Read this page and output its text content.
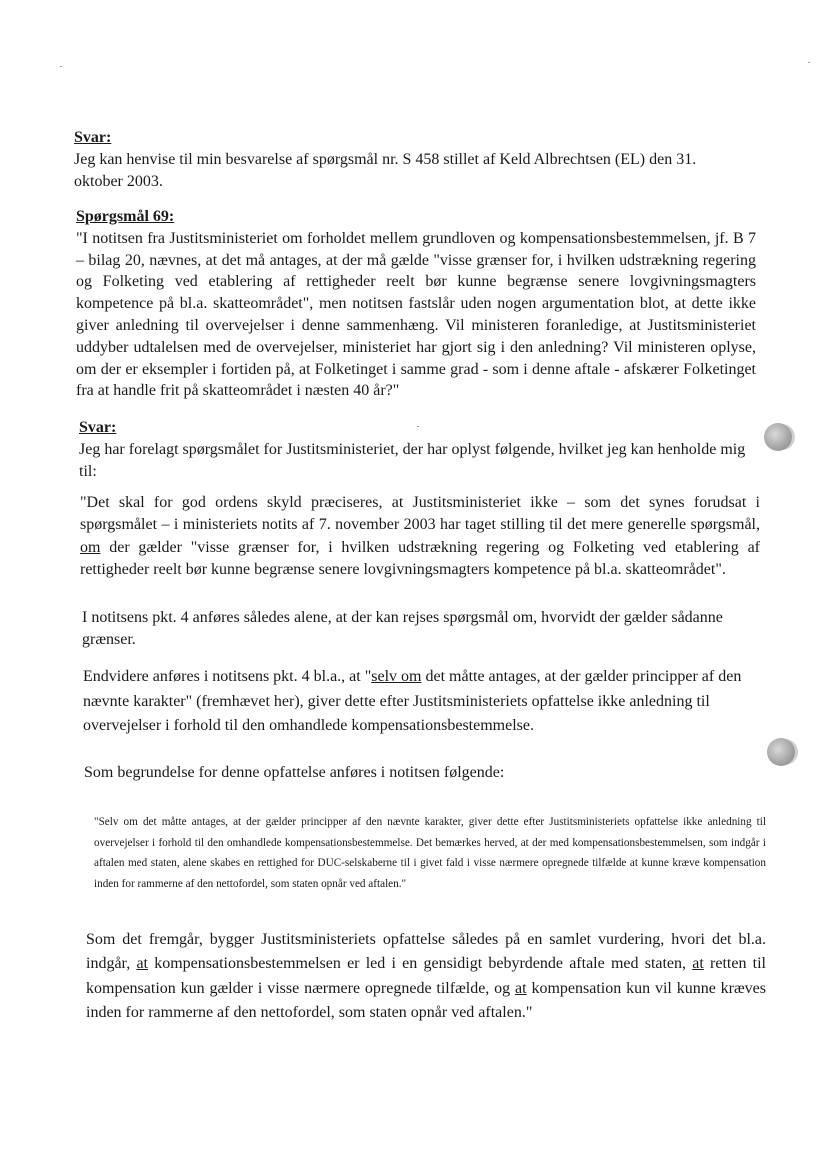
Svar:
Jeg kan henvise til min besvarelse af spørgsmål nr. S 458 stillet af Keld Albrechtsen (EL) den 31.
oktober 2003.
Spørgsmål 69:
"I notitsen fra Justitsministeriet om forholdet mellem grundloven og kompensationsbestemmelsen, jf. B 7 – bilag 20, nævnes, at det må antages, at der må gælde "visse grænser for, i hvilken udstrækning regering og Folketing ved etablering af rettigheder reelt bør kunne begrænse senere lovgivningsmagters kompetence på bl.a. skatteområdet", men notitsen fastslår uden nogen argumentation blot, at dette ikke giver anledning til overvejelser i denne sammenhæng. Vil ministeren foranledige, at Justitsministeriet uddyber udtalelsen med de overvejelser, ministeriet har gjort sig i den anledning? Vil ministeren oplyse, om der er eksempler i fortiden på, at Folketinget i samme grad - som i denne aftale - afskærer Folketinget fra at handle frit på skatteområdet i næsten 40 år?"
Svar:
Jeg har forelagt spørgsmålet for Justitsministeriet, der har oplyst følgende, hvilket jeg kan henholde mig til:
"Det skal for god ordens skyld præciseres, at Justitsministeriet ikke – som det synes forudsat i spørgsmålet – i ministeriets notits af 7. november 2003 har taget stilling til det mere generelle spørgsmål, om der gælder "visse grænser for, i hvilken udstrækning regering og Folketing ved etablering af rettigheder reelt bør kunne begrænse senere lovgivningsmagters kompetence på bl.a. skatteområdet".
I notitsens pkt. 4 anføres således alene, at der kan rejses spørgsmål om, hvorvidt der gælder sådanne grænser.
Endvidere anføres i notitsens pkt. 4 bl.a., at "selv om det måtte antages, at der gælder principper af den nævnte karakter" (fremhævet her), giver dette efter Justitsministeriets opfattelse ikke anledning til overvejelser i forhold til den omhandlede kompensationsbestemmelse.
Som begrundelse for denne opfattelse anføres i notitsen følgende:
"Selv om det måtte antages, at der gælder principper af den nævnte karakter, giver dette efter Justitsministeriets opfattelse ikke anledning til overvejelser i forhold til den omhandlede kompensationsbestemmelse. Det bemærkes herved, at der med kompensationsbestemmelsen, som indgår i aftalen med staten, alene skabes en rettighed for DUC-selskaberne til i givet fald i visse nærmere opregnede tilfælde at kunne kræve kompensation inden for rammerne af den nettofordel, som staten opnår ved aftalen."
Som det fremgår, bygger Justitsministeriets opfattelse således på en samlet vurdering, hvori det bl.a. indgår, at kompensationsbestemmelsen er led i en gensidigt bebyrdende aftale med staten, at retten til kompensation kun gælder i visse nærmere opregnede tilfælde, og at kompensation kun vil kunne kræves inden for rammerne af den nettofordel, som staten opnår ved aftalen."
